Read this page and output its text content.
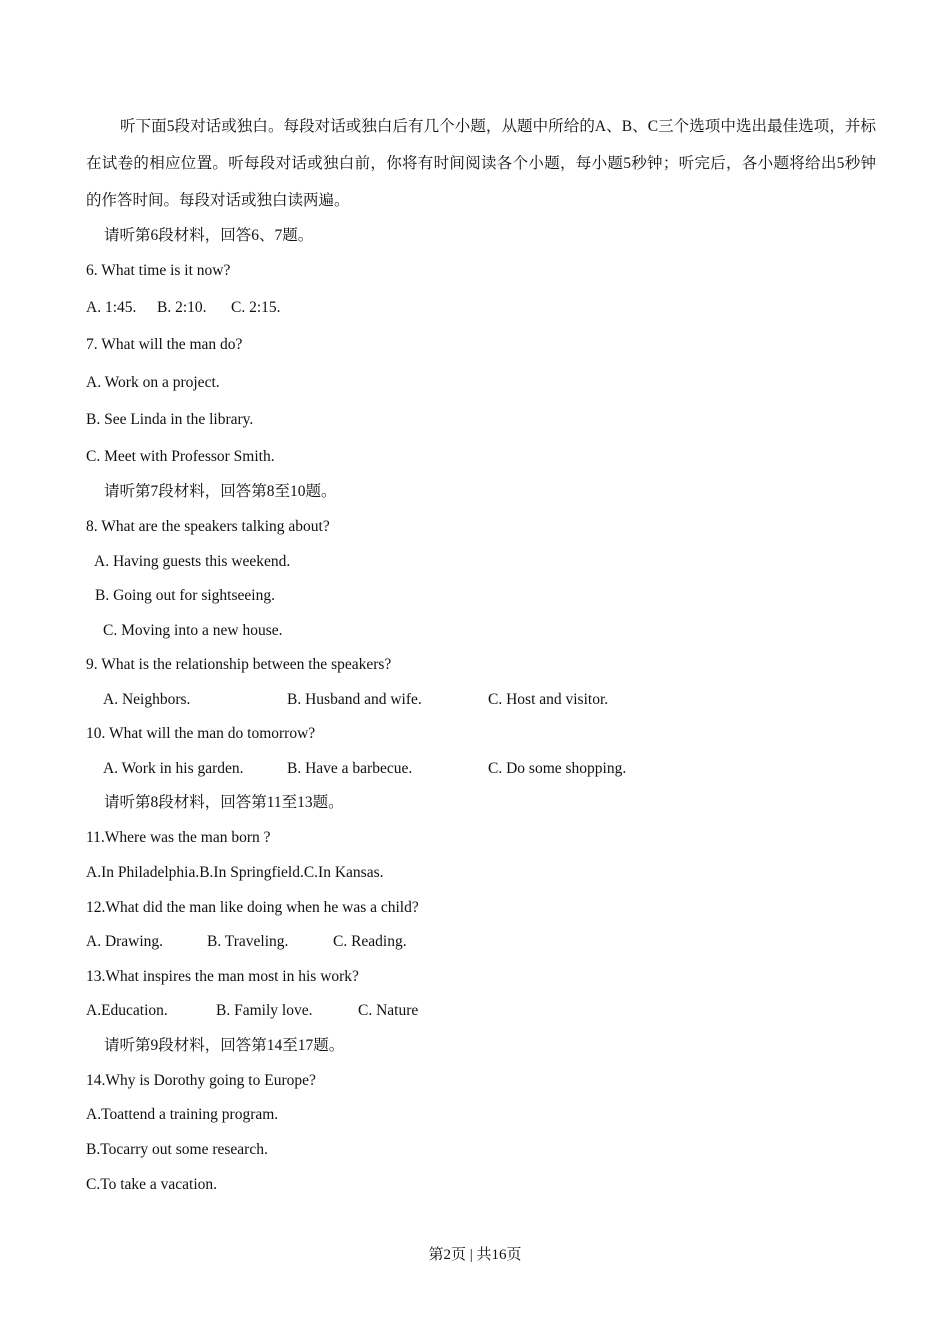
听下面5段对话或独白。每段对话或独白后有几个小题，从题中所给的A、B、C三个选项中选出最佳选项，并标在试卷的相应位置。听每段对话或独白前，你将有时间阅读各个小题，每小题5秒钟；听完后，各小题将给出5秒钟的作答时间。每段对话或独白读两遍。
请听第6段材料，回答6、7题。
6. What time is it now?
A. 1:45. B. 2:10. C. 2:15.
7. What will the man do?
A. Work on a project.
B. See Linda in the library.
C. Meet with Professor Smith.
请听第7段材料，回答第8至10题。
8. What are the speakers talking about?
A. Having guests this weekend.
B. Going out for sightseeing.
C. Moving into a new house.
9. What is the relationship between the speakers?
A. Neighbors.	B. Husband and wife.	C. Host and visitor.
10. What will the man do tomorrow?
A. Work in his garden.	B. Have a barbecue.	C. Do some shopping.
请听第8段材料，回答第11至13题。
11.Where was the man born ?
A.In Philadelphia.B.In Springfield.C.In Kansas.
12.What did the man like doing when he was a child?
A. Drawing.	B. Traveling.	C. Reading.
13.What inspires the man most in his work?
A.Education.	B. Family love.	C. Nature
请听第9段材料，回答第14至17题。
14.Why is Dorothy going to Europe?
A.Toattend a training program.
B.Tocarry out some research.
C.To take a vacation.
第2页 | 共16页
